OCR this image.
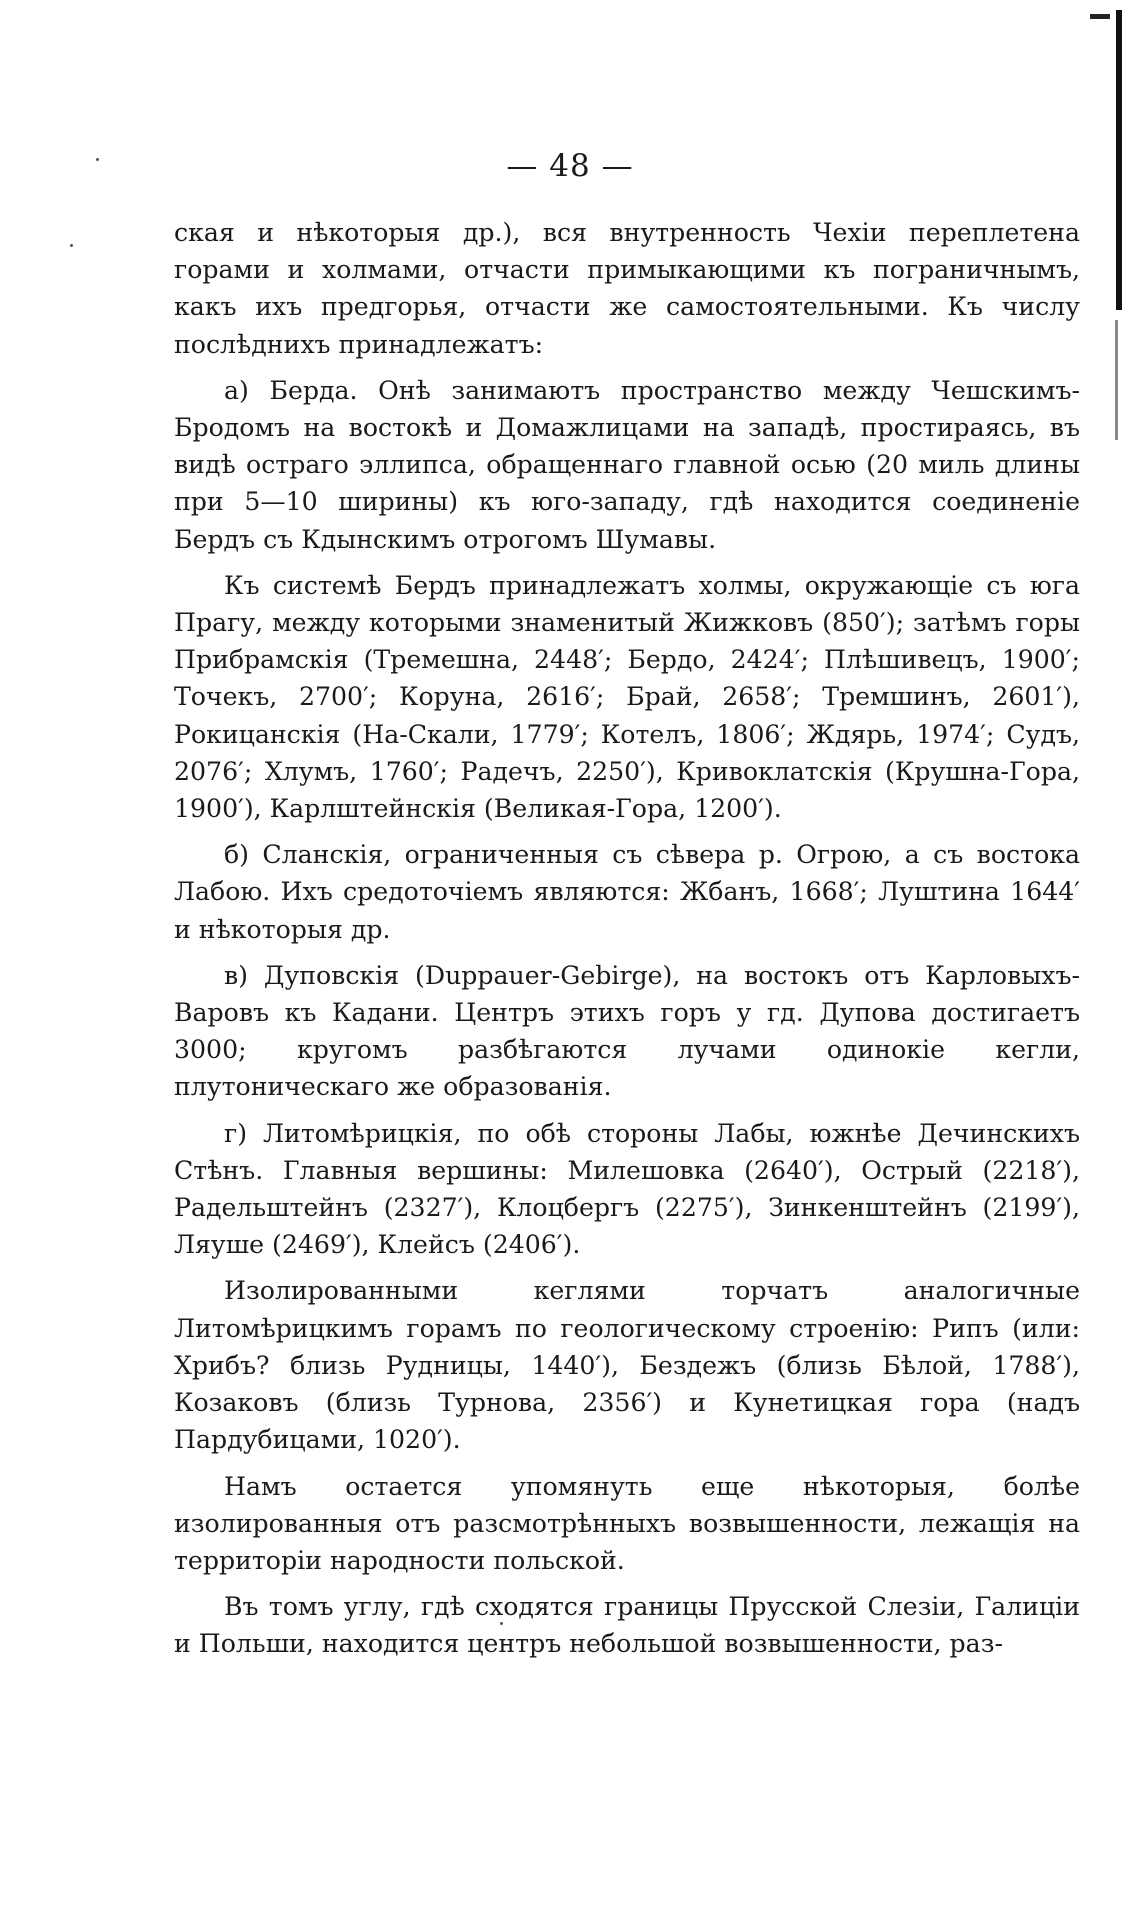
— 48 —

ская и нѣкоторыя др.), вся внутренность Чехіи переплетена горами и холмами, отчасти примыкающими къ пограничнымъ, какъ ихъ предгорья, отчасти же самостоятельными. Къ числу послѣднихъ принадлежатъ:

а) Берда. Онѣ занимаютъ пространство между Чешскимъ-Бродомъ на востокѣ и Домажлицами на западѣ, простираясь, въ видѣ остраго эллипса, обращеннаго главной осью (20 миль длины при 5—10 ширины) къ юго-западу, гдѣ находится соединеніе Бердъ съ Кдынскимъ отрогомъ Шумавы.

Къ системѣ Бердъ принадлежатъ холмы, окружающіе съ юга Прагу, между которыми знаменитый Жижковъ (850′); затѣмъ горы Прибрамскія (Тремешна, 2448′; Бердо, 2424′; Плѣшивецъ, 1900′; Точекъ, 2700′; Коруна, 2616′; Брай, 2658′; Тремшинъ, 2601′), Рокицанскія (На-Скали, 1779′; Котелъ, 1806′; Ждярь, 1974′; Судъ, 2076′; Хлумъ, 1760′; Радечъ, 2250′), Кривоклатскія (Крушна-Гора, 1900′), Карлштейнскія (Великая-Гора, 1200′).

б) Сланскія, ограниченныя съ сѣвера р. Огрою, а съ востока Лабою. Ихъ средоточіемъ являются: Жбанъ, 1668′; Луштина 1644′ и нѣкоторыя др.

в) Дуповскія (Duppauer-Gebirge), на востокъ отъ Карловыхъ-Варовъ къ Кадани. Центръ этихъ горъ у гд. Дупова достигаетъ 3000; кругомъ разбѣгаются лучами одинокіе кегли, плутоническаго же образованія.

г) Литомѣрицкія, по обѣ стороны Лабы, южнѣе Дечинскихъ Стѣнъ. Главныя вершины: Милешовка (2640′), Острый (2218′), Радельштейнъ (2327′), Клоцбергъ (2275′), Зинкенштейнъ (2199′), Ляуше (2469′), Клейсъ (2406′).

Изолированными кеглями торчатъ аналогичные Литомѣрицкимъ горамъ по геологическому строенію: Рипъ (или: Хрибъ? близь Рудницы, 1440′), Бездежъ (близь Бѣлой, 1788′), Козаковъ (близь Турнова, 2356′) и Кунетицкая гора (надъ Пардубицами, 1020′).

Намъ остается упомянуть еще нѣкоторыя, болѣе изолированныя отъ разсмотрѣнныхъ возвышенности, лежащія на территоріи народности польской.

Въ томъ углу, гдѣ сходятся границы Прусской Слезіи, Галиціи и Польши, находится центръ небольшой возвышенности, раз-
